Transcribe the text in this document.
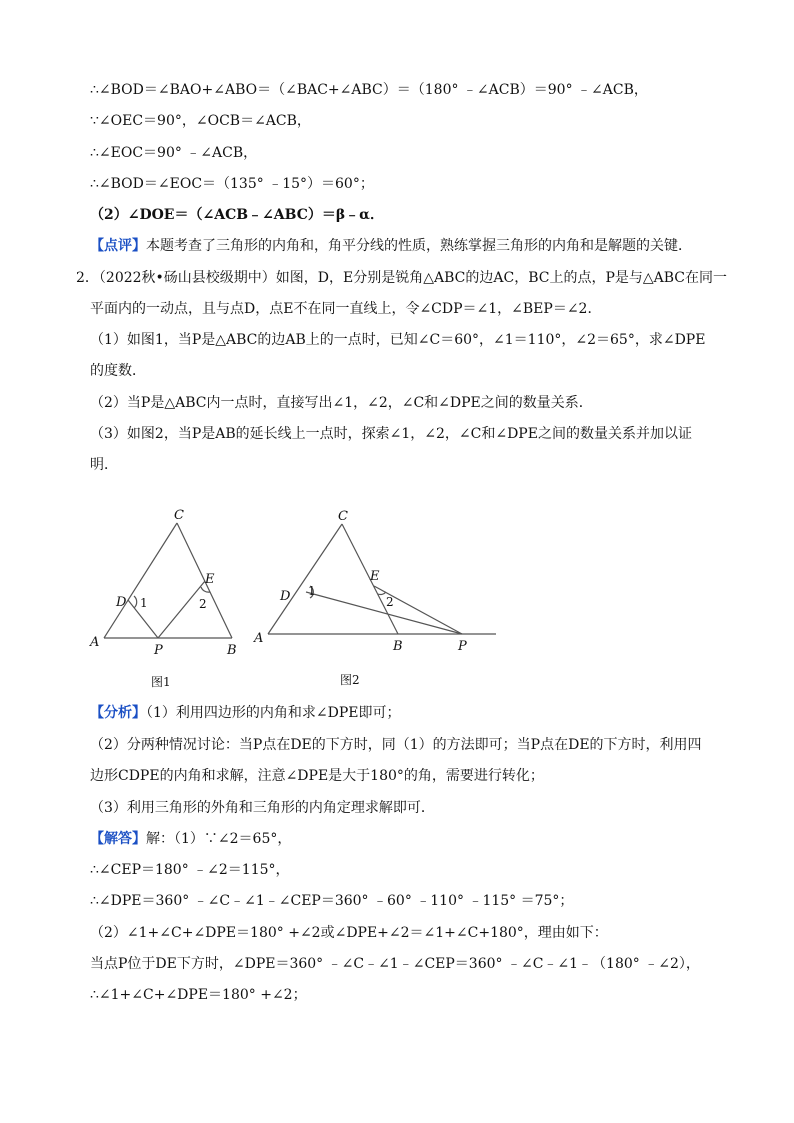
∴∠BOD＝∠BAO+∠ABO＝（∠BAC+∠ABC）＝（180° ﹣∠ACB）＝90° ﹣∠ACB，
∵∠OEC＝90°，∠OCB＝∠ACB，
∴∠EOC＝90° ﹣∠ACB，
∴∠BOD＝∠EOC＝（135° ﹣15°）＝60°；
（2）∠DOE＝（∠ACB﹣∠ABC）＝β﹣α．
【点评】本题考查了三角形的内角和，角平分线的性质，熟练掌握三角形的内角和是解题的关键．
2．（2022秋•砀山县校级期中）如图，D，E分别是锐角△ABC的边AC，BC上的点，P是与△ABC在同一
平面内的一动点，且与点D，点E不在同一直线上，令∠CDP＝∠1，∠BEP＝∠2．
（1）如图1，当P是△ABC的边AB上的一点时，已知∠C＝60°，∠1＝110°，∠2＝65°，求∠DPE
的度数．
（2）当P是△ABC内一点时，直接写出∠1，∠2，∠C和∠DPE之间的数量关系．
（3）如图2，当P是AB的延长线上一点时，探索∠1，∠2，∠C和∠DPE之间的数量关系并加以证
明．
C
A
B
D
E
P
1	2
图1
C
A
B
D
E
P
1
2
图2
【分析】（1）利用四边形的内角和求∠DPE即可；
（2）分两种情况讨论：当P点在DE的下方时，同（1）的方法即可；当P点在DE的下方时，利用四
边形CDPE的内角和求解，注意∠DPE是大于180°的角，需要进行转化；
（3）利用三角形的外角和三角形的内角定理求解即可．
【解答】解：（1）∵∠2＝65°，
∴∠CEP＝180° ﹣∠2＝115°，
∴∠DPE＝360° ﹣∠C﹣∠1﹣∠CEP＝360° ﹣60° ﹣110° ﹣115° ＝75°；
（2）∠1+∠C+∠DPE＝180° +∠2或∠DPE+∠2＝∠1+∠C+180°，理由如下：
当点P位于DE下方时，∠DPE＝360° ﹣∠C﹣∠1﹣∠CEP＝360° ﹣∠C﹣∠1﹣（180° ﹣∠2），
∴∠1+∠C+∠DPE＝180° +∠2；
